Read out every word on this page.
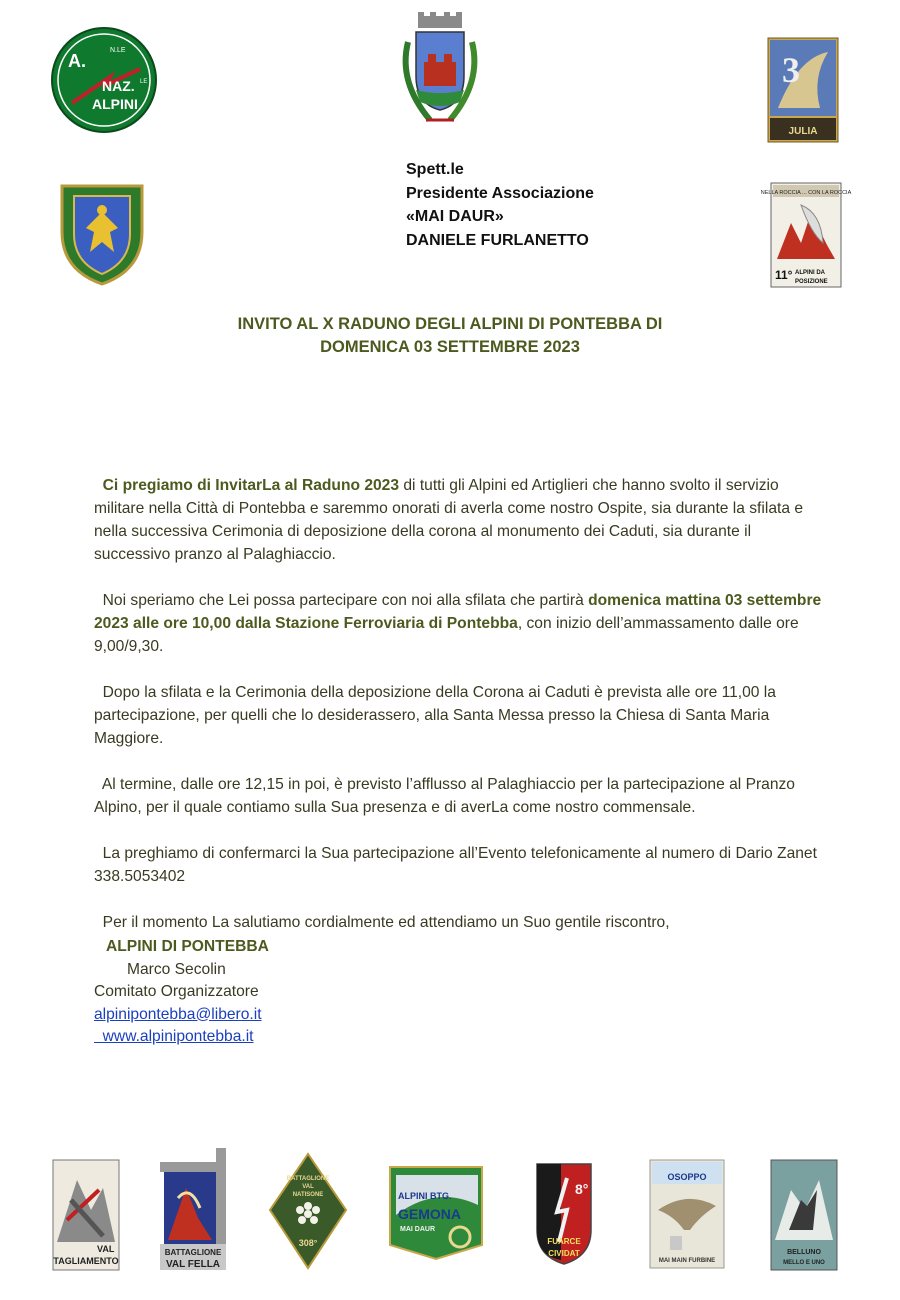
A.
N.LE
NAZ. LE
ALPINI
3
JULIA
NELLA ROCCIA ... CON LA ROCCIA
11° ALPINI DA
POSIZIONE
Spett.le
Presidente Associazione
«MAI DAUR»
DANIELE FURLANETTO
INVITO AL X RADUNO DEGLI ALPINI DI PONTEBBA DI
DOMENICA 03 SETTEMBRE 2023

Ci pregiamo di InvitarLa al Raduno 2023 di tutti gli Alpini ed Artiglieri che hanno svolto il servizio militare nella Città di Pontebba e saremmo onorati di averla come nostro Ospite, sia durante la sfilata e nella successiva Cerimonia di deposizione della corona al monumento dei Caduti, sia durante il successivo pranzo al Palaghiaccio.

Noi speriamo che Lei possa partecipare con noi alla sfilata che partirà domenica mattina 03 settembre 2023 alle ore 10,00 dalla Stazione Ferroviaria di Pontebba, con inizio dell’ammassamento dalle ore 9,00/9,30.

Dopo la sfilata e la Cerimonia della deposizione della Corona ai Caduti è prevista alle ore 11,00 la partecipazione, per quelli che lo desiderassero, alla Santa Messa presso la Chiesa di Santa Maria Maggiore.

Al termine, dalle ore 12,15 in poi, è previsto l’afflusso al Palaghiaccio per la partecipazione al Pranzo Alpino, per il quale contiamo sulla Sua presenza e di averLa come nostro commensale.

La preghiamo di confermarci la Sua partecipazione all’Evento telefonicamente al numero di Dario Zanet 338.5053402

Per il momento La salutiamo cordialmente ed attendiamo un Suo gentile riscontro,

ALPINI DI PONTEBBA
Marco Secolin
Comitato Organizzatore
alpinipontebba@libero.it
www.alpinipontebba.it
VAL
TAGLIAMENTO
BATTAGLIONE
VAL FELLA
BATTAGLIONE
VAL
NATISONE
308°
ALPINI BTG.
GEMONA
MAI DAUR
8°
FUARCE
CIVIDAT
OSOPPO
MAI MAIN FURBINE
BELLUNO
MELLO E UNO
